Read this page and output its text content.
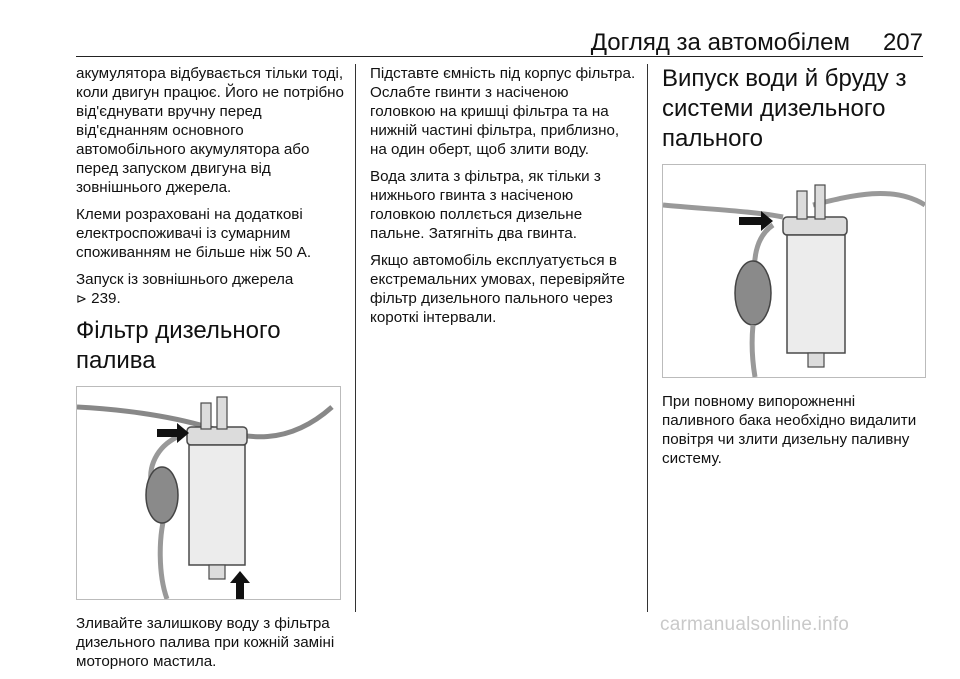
Догляд за автомобілем 207

акумулятора відбувається тільки тоді, коли двигун працює. Його не потрібно від'єднувати вручну перед від'єднанням основного автомобільного акумулятора або перед запуском двигуна від зовнішнього джерела.

Клеми розраховані на додаткові електроспоживачі із сумарним споживанням не більше ніж 50 А.

Запуск із зовнішнього джерела
⊳ 239.

Фільтр дизельного палива

Зливайте залишкову воду з фільтра дизельного палива при кожній заміні моторного мастила.

Підставте ємність під корпус фільтра. Ослабте гвинти з насіченою головкою на кришці фільтра та на нижній частині фільтра, приблизно, на один оберт, щоб злити воду.

Вода злита з фільтра, як тільки з нижнього гвинта з насіченою головкою поллється дизельне пальне. Затягніть два гвинта.

Якщо автомобіль експлуатується в екстремальних умовах, перевіряйте фільтр дизельного пального через короткі інтервали.

Випуск води й бруду з системи дизельного пального

При повному випорожненні паливного бака необхідно видалити повітря чи злити дизельну паливну систему.

carmanualsonline.info
